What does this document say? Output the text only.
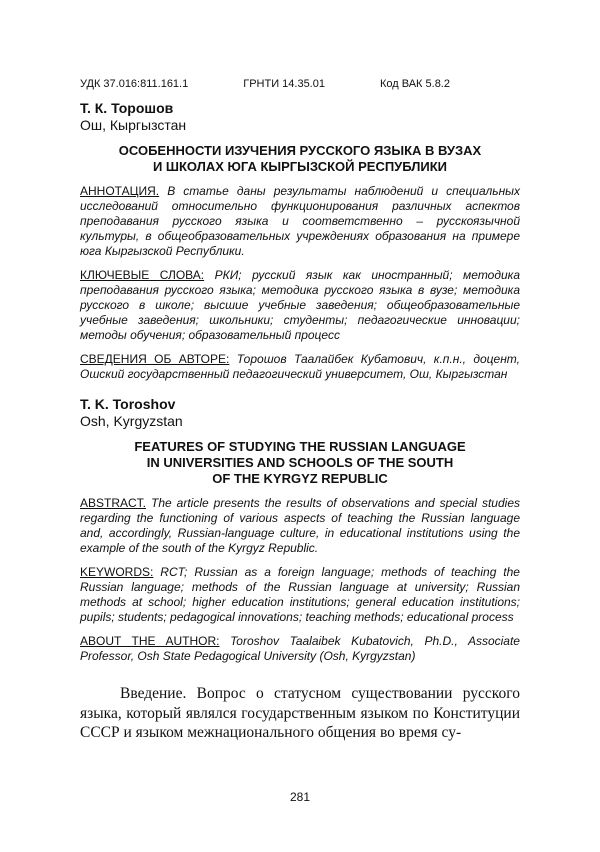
УДК 37.016:811.161.1	ГРНТИ 14.35.01	Код ВАК 5.8.2
Т. К. Торошов
Ош, Кыргызстан
ОСОБЕННОСТИ ИЗУЧЕНИЯ РУССКОГО ЯЗЫКА В ВУЗАХ
И ШКОЛАХ ЮГА КЫРГЫЗСКОЙ РЕСПУБЛИКИ

АННОТАЦИЯ. В статье даны результаты наблюдений и специальных исследований относительно функционирования различных аспектов преподавания русского языка и соответственно – русскоязычной культуры, в общеобразовательных учреждениях образования на примере юга Кыргызской Республики.

КЛЮЧЕВЫЕ СЛОВА: РКИ; русский язык как иностранный; методика преподавания русского языка; методика русского языка в вузе; методика русского в школе; высшие учебные заведения; общеобразовательные учебные заведения; школьники; студенты; педагогические инновации; методы обучения; образовательный процесс

СВЕДЕНИЯ ОБ АВТОРЕ: Торошов Таалайбек Кубатович, к.п.н., доцент, Ошский государственный педагогический университет, Ош, Кыргызстан

T. K. Toroshov
Osh, Kyrgyzstan
FEATURES OF STUDYING THE RUSSIAN LANGUAGE
IN UNIVERSITIES AND SCHOOLS OF THE SOUTH
OF THE KYRGYZ REPUBLIC

ABSTRACT. The article presents the results of observations and special studies regarding the functioning of various aspects of teaching the Russian language and, accordingly, Russian-language culture, in educational institutions using the example of the south of the Kyrgyz Republic.

KEYWORDS: RCT; Russian as a foreign language; methods of teaching the Russian language; methods of the Russian language at university; Russian methods at school; higher education institutions; general education institutions; pupils; students; pedagogical innovations; teaching methods; educational process

ABOUT THE AUTHOR: Toroshov Taalaibek Kubatovich, Ph.D., Associate Professor, Osh State Pedagogical University (Osh, Kyrgyzstan)

Введение. Вопрос о статусном существовании русского языка, который являлся государственным языком по Конституции СССР и языком межнационального общения во время су-
281
